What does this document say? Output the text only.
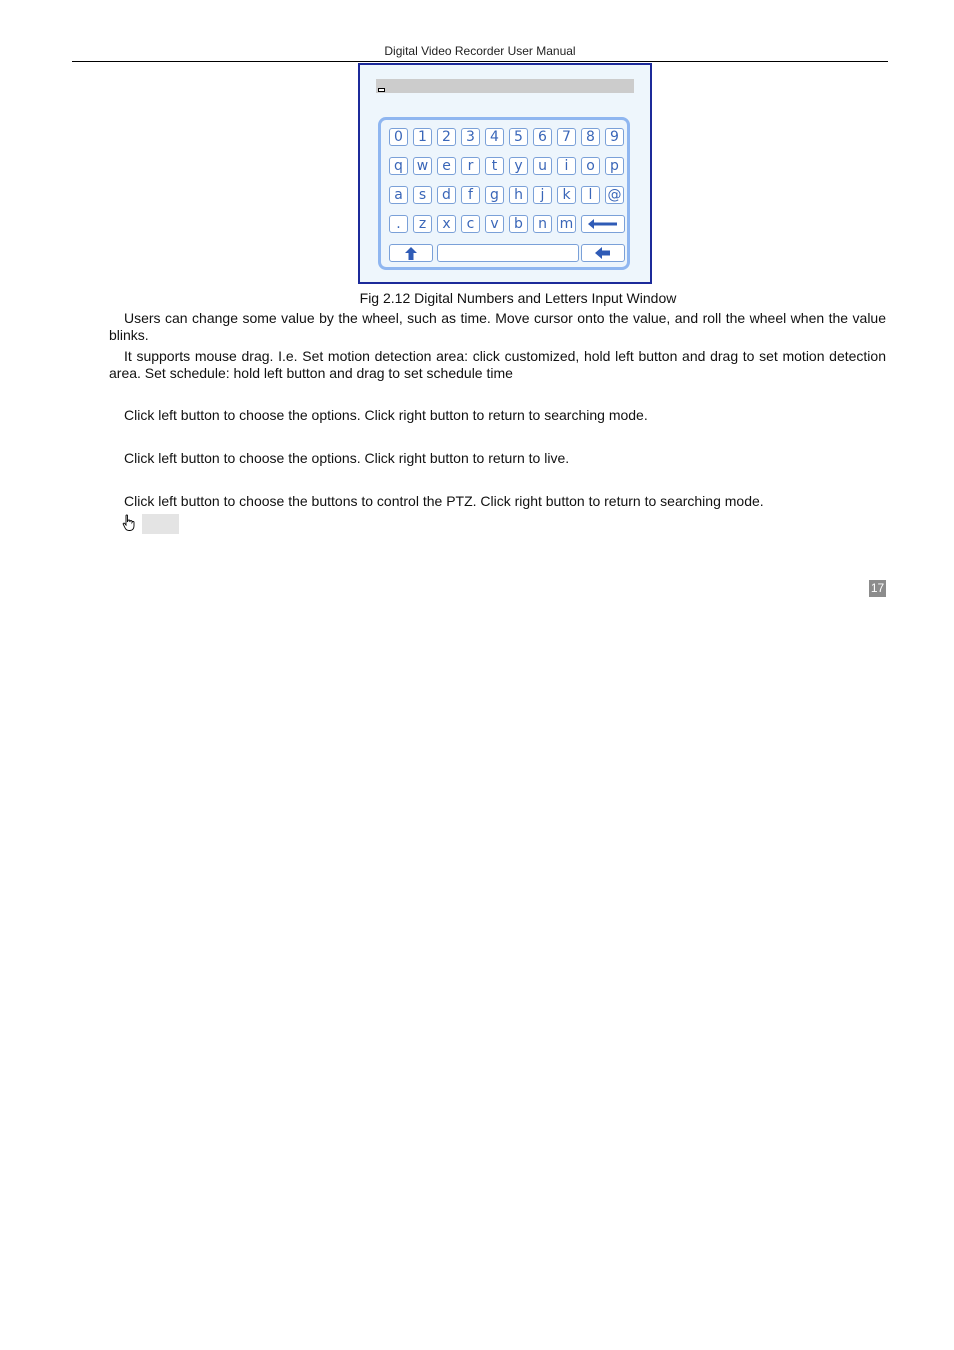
Digital Video Recorder User Manual
0	1	2	3	4	5	6	7	8	9
q w e	r	t	y	u	i	o	p
a	s	d	f	g	h	j	k	l	@
.	z	x	c	v	b	n m
Fig 2.12 Digital Numbers and Letters Input Window

Users can change some value by the wheel, such as time. Move cursor onto the value, and roll the wheel when the value blinks.

It supports mouse drag. I.e. Set motion detection area: click customized, hold left button and drag to set motion detection area. Set schedule: hold left button and drag to set schedule time

Click left button to choose the options. Click right button to return to searching mode.
Click left button to choose the options. Click right button to return to live.
Click left button to choose the buttons to control the PTZ. Click right button to return to searching mode.
17
